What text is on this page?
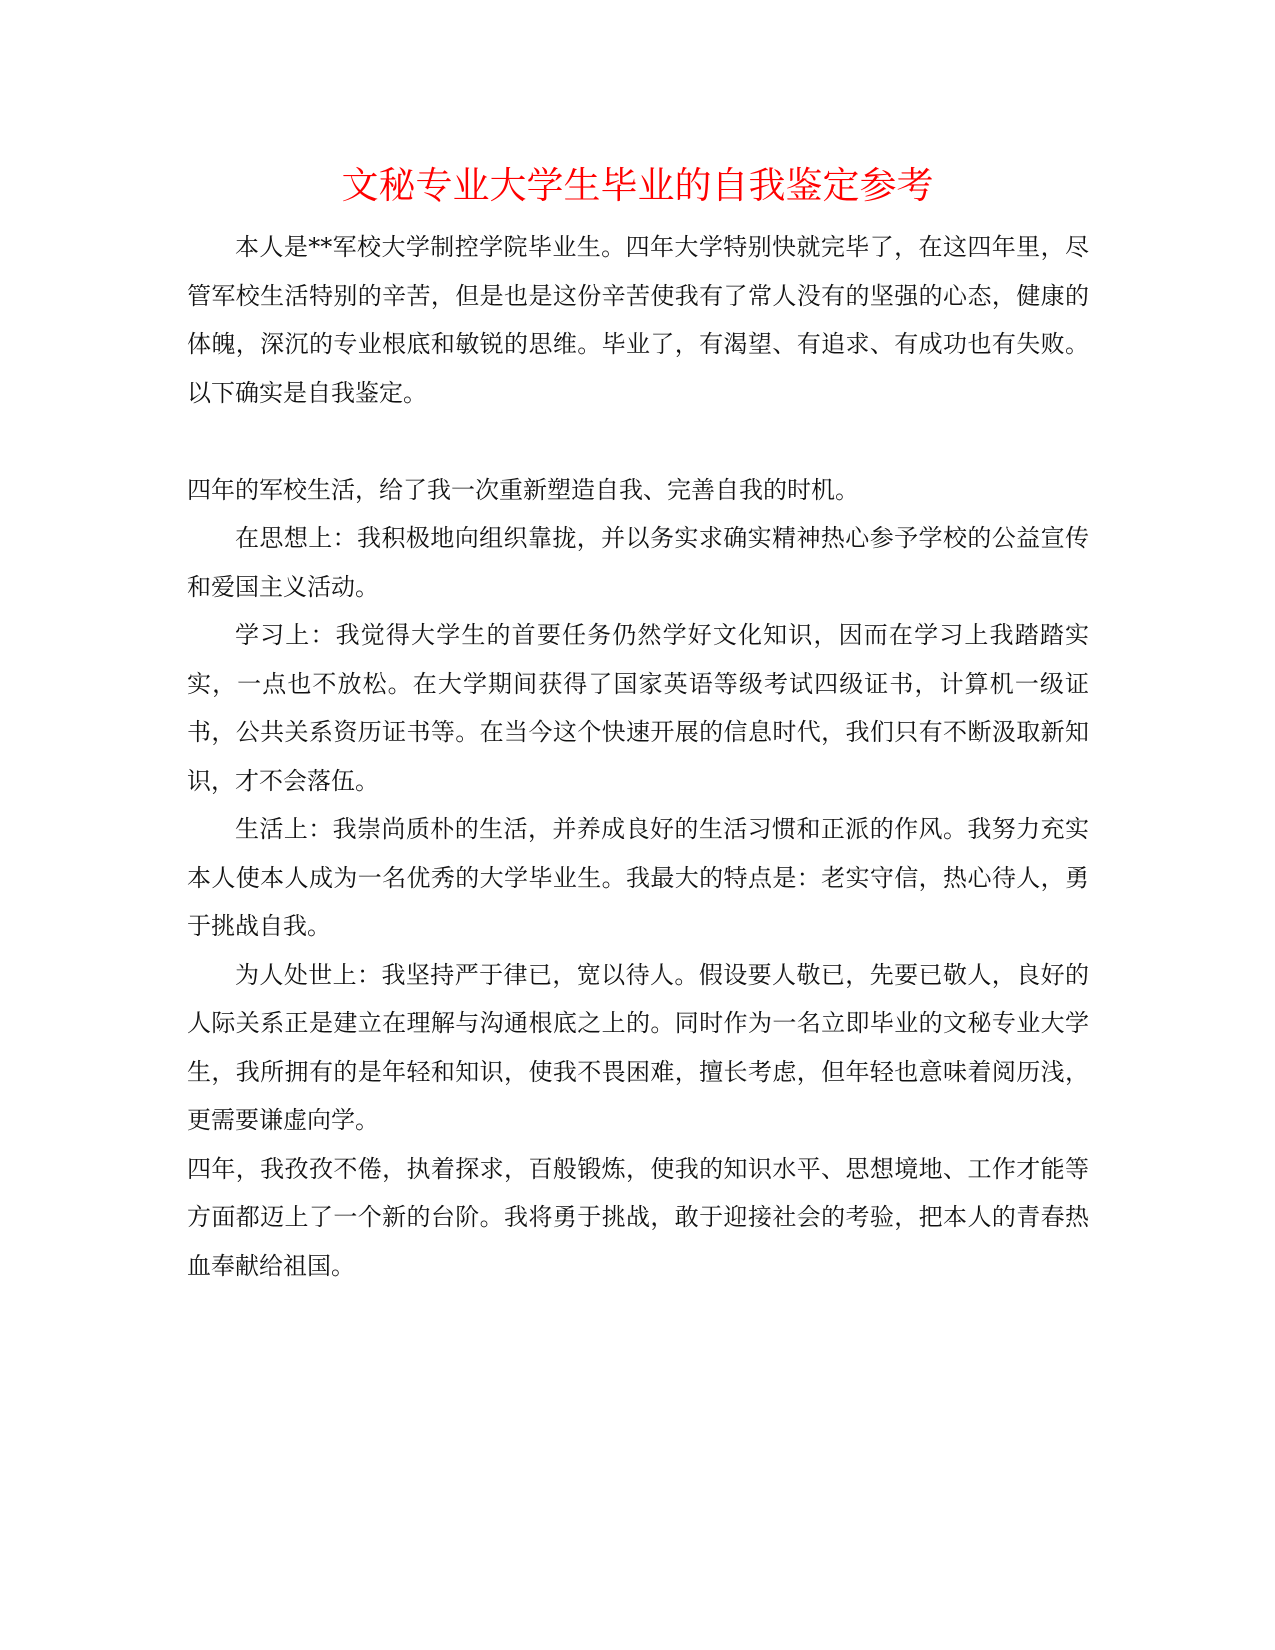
文秘专业大学生毕业的自我鉴定参考

本人是**军校大学制控学院毕业生。四年大学特别快就完毕了，在这四年里，尽管军校生活特别的辛苦，但是也是这份辛苦使我有了常人没有的坚强的心态，健康的体魄，深沉的专业根底和敏锐的思维。毕业了，有渴望、有追求、有成功也有失败。以下确实是自我鉴定。

四年的军校生活，给了我一次重新塑造自我、完善自我的时机。

在思想上：我积极地向组织靠拢，并以务实求确实精神热心参予学校的公益宣传和爱国主义活动。

学习上：我觉得大学生的首要任务仍然学好文化知识，因而在学习上我踏踏实实，一点也不放松。在大学期间获得了国家英语等级考试四级证书，计算机一级证书，公共关系资历证书等。在当今这个快速开展的信息时代，我们只有不断汲取新知识，才不会落伍。

生活上：我崇尚质朴的生活，并养成良好的生活习惯和正派的作风。我努力充实本人使本人成为一名优秀的大学毕业生。我最大的特点是：老实守信，热心待人，勇于挑战自我。

为人处世上：我坚持严于律已，宽以待人。假设要人敬已，先要已敬人，良好的人际关系正是建立在理解与沟通根底之上的。同时作为一名立即毕业的文秘专业大学生，我所拥有的是年轻和知识，使我不畏困难，擅长考虑，但年轻也意味着阅历浅，更需要谦虚向学。

四年，我孜孜不倦，执着探求，百般锻炼，使我的知识水平、思想境地、工作才能等方面都迈上了一个新的台阶。我将勇于挑战，敢于迎接社会的考验，把本人的青春热血奉献给祖国。
